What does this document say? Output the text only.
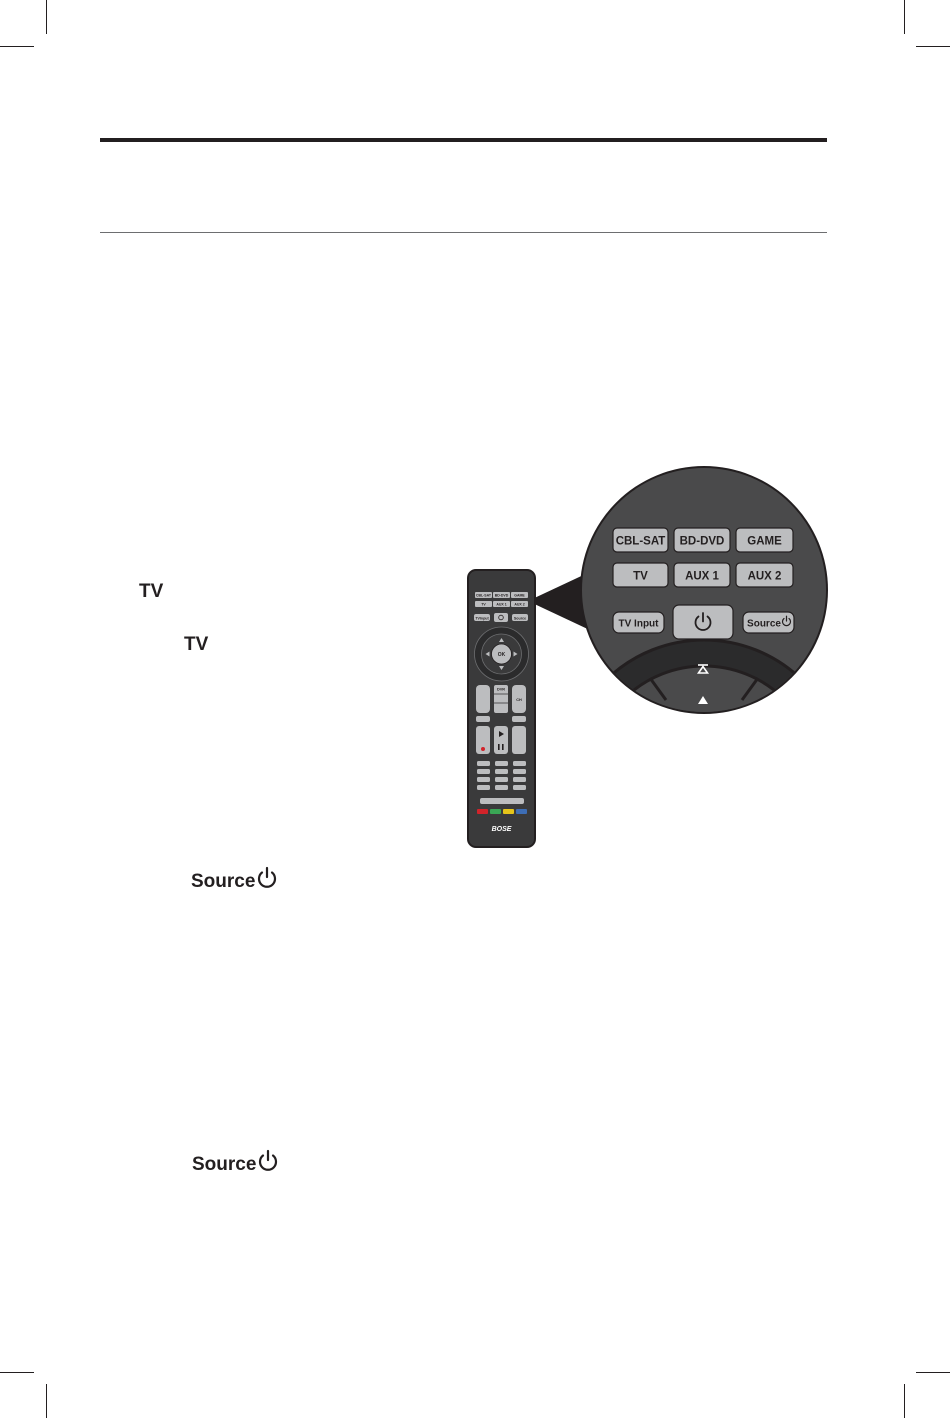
TV
TV
Source
Source
CBL-SAT BD-DVD GAME
TV	AUX 1 AUX 2
TVInput	Source
OK
DVR
CH
BOSE
CBL-SAT BD-DVD GAME
TV	AUX 1 AUX 2
TV Input	Source
